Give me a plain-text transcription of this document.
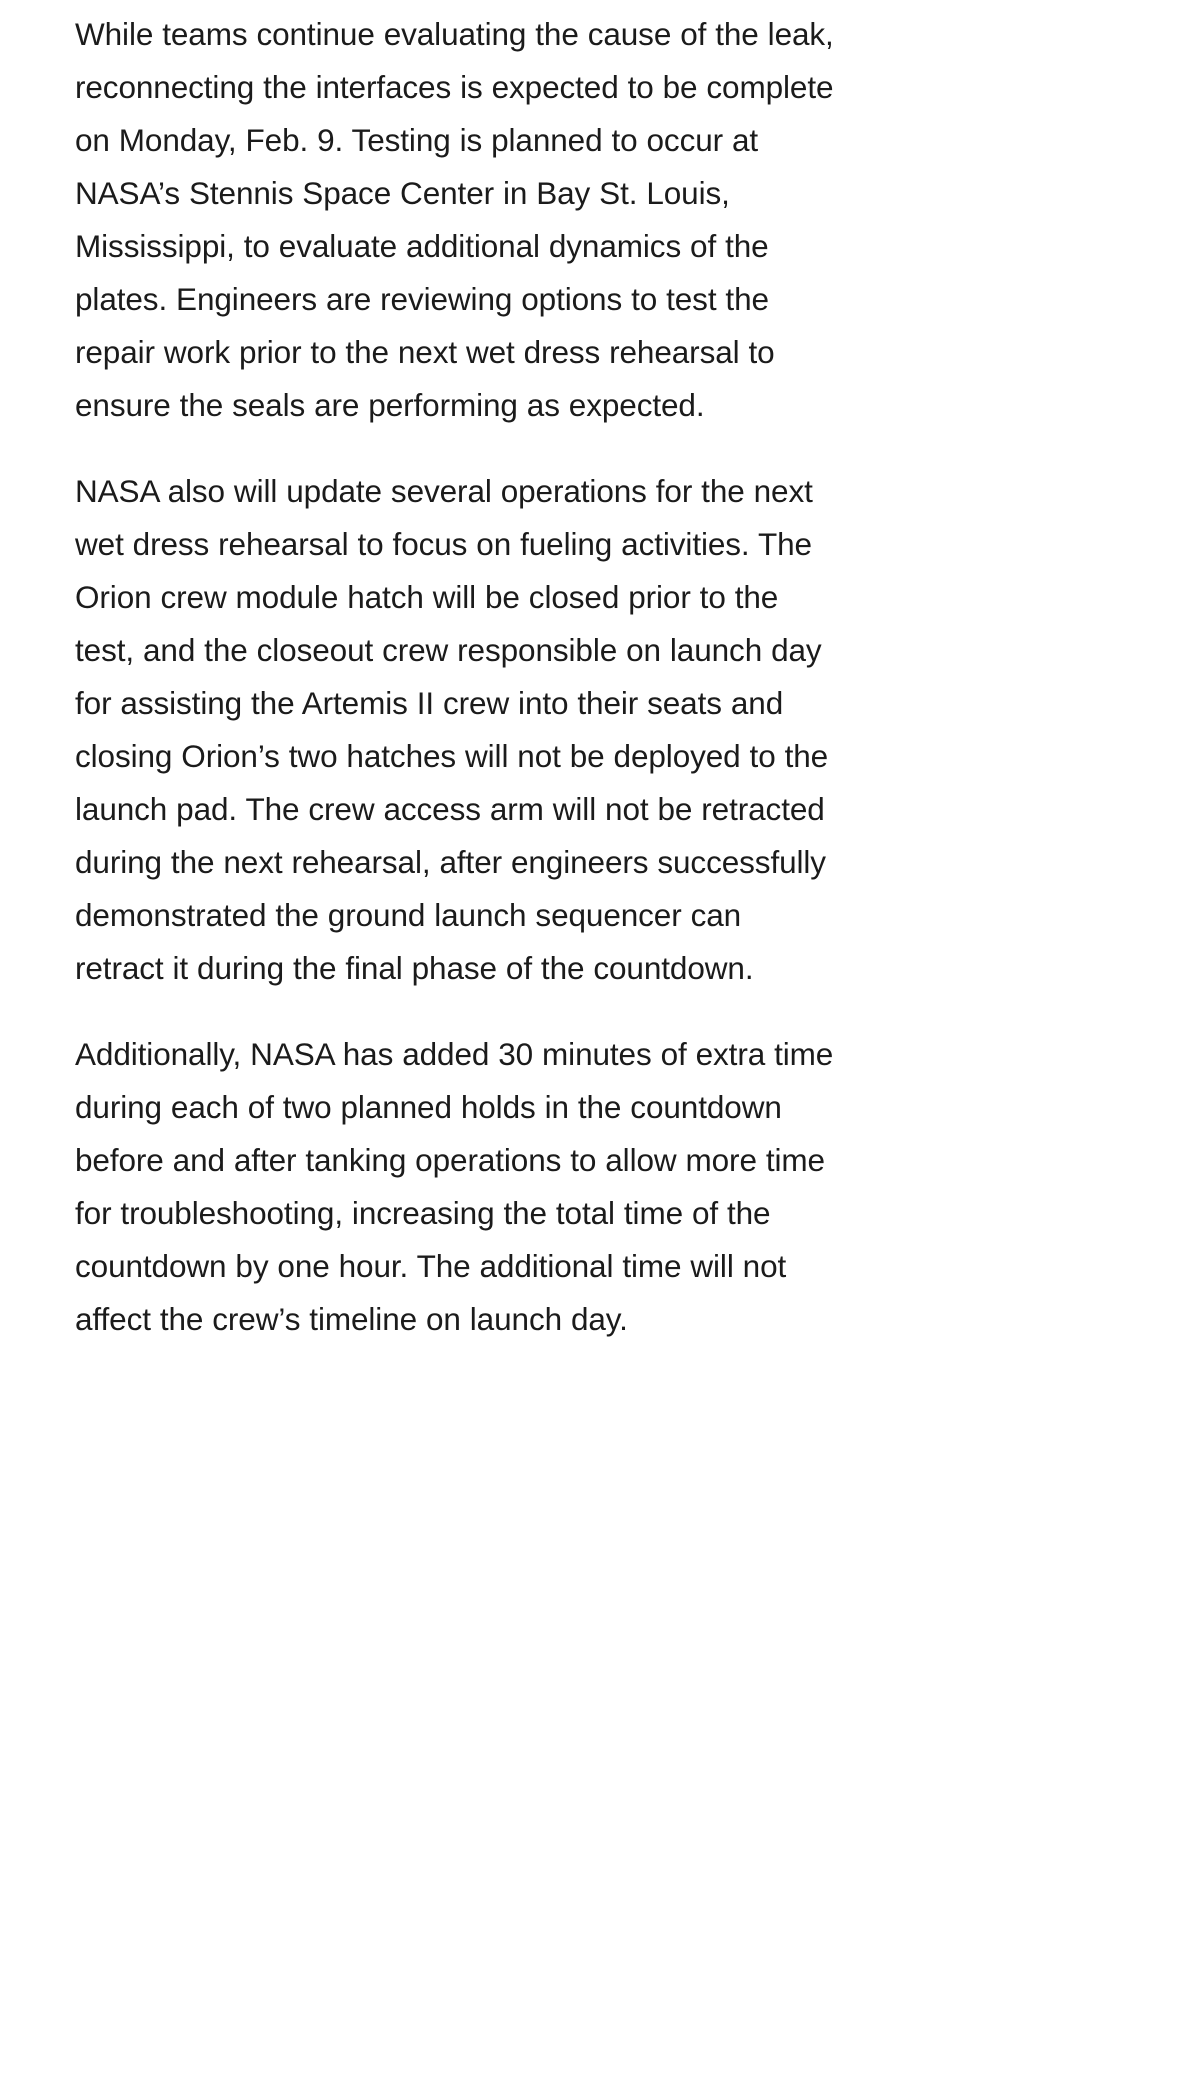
While teams continue evaluating the cause of the leak, reconnecting the interfaces is expected to be complete on Monday, Feb. 9. Testing is planned to occur at NASA’s Stennis Space Center in Bay St. Louis, Mississippi, to evaluate additional dynamics of the plates. Engineers are reviewing options to test the repair work prior to the next wet dress rehearsal to ensure the seals are performing as expected.

NASA also will update several operations for the next wet dress rehearsal to focus on fueling activities. The Orion crew module hatch will be closed prior to the test, and the closeout crew responsible on launch day for assisting the Artemis II crew into their seats and closing Orion’s two hatches will not be deployed to the launch pad. The crew access arm will not be retracted during the next rehearsal, after engineers successfully demonstrated the ground launch sequencer can retract it during the final phase of the countdown.

Additionally, NASA has added 30 minutes of extra time during each of two planned holds in the countdown before and after tanking operations to allow more time for troubleshooting, increasing the total time of the countdown by one hour. The additional time will not affect the crew’s timeline on launch day.
